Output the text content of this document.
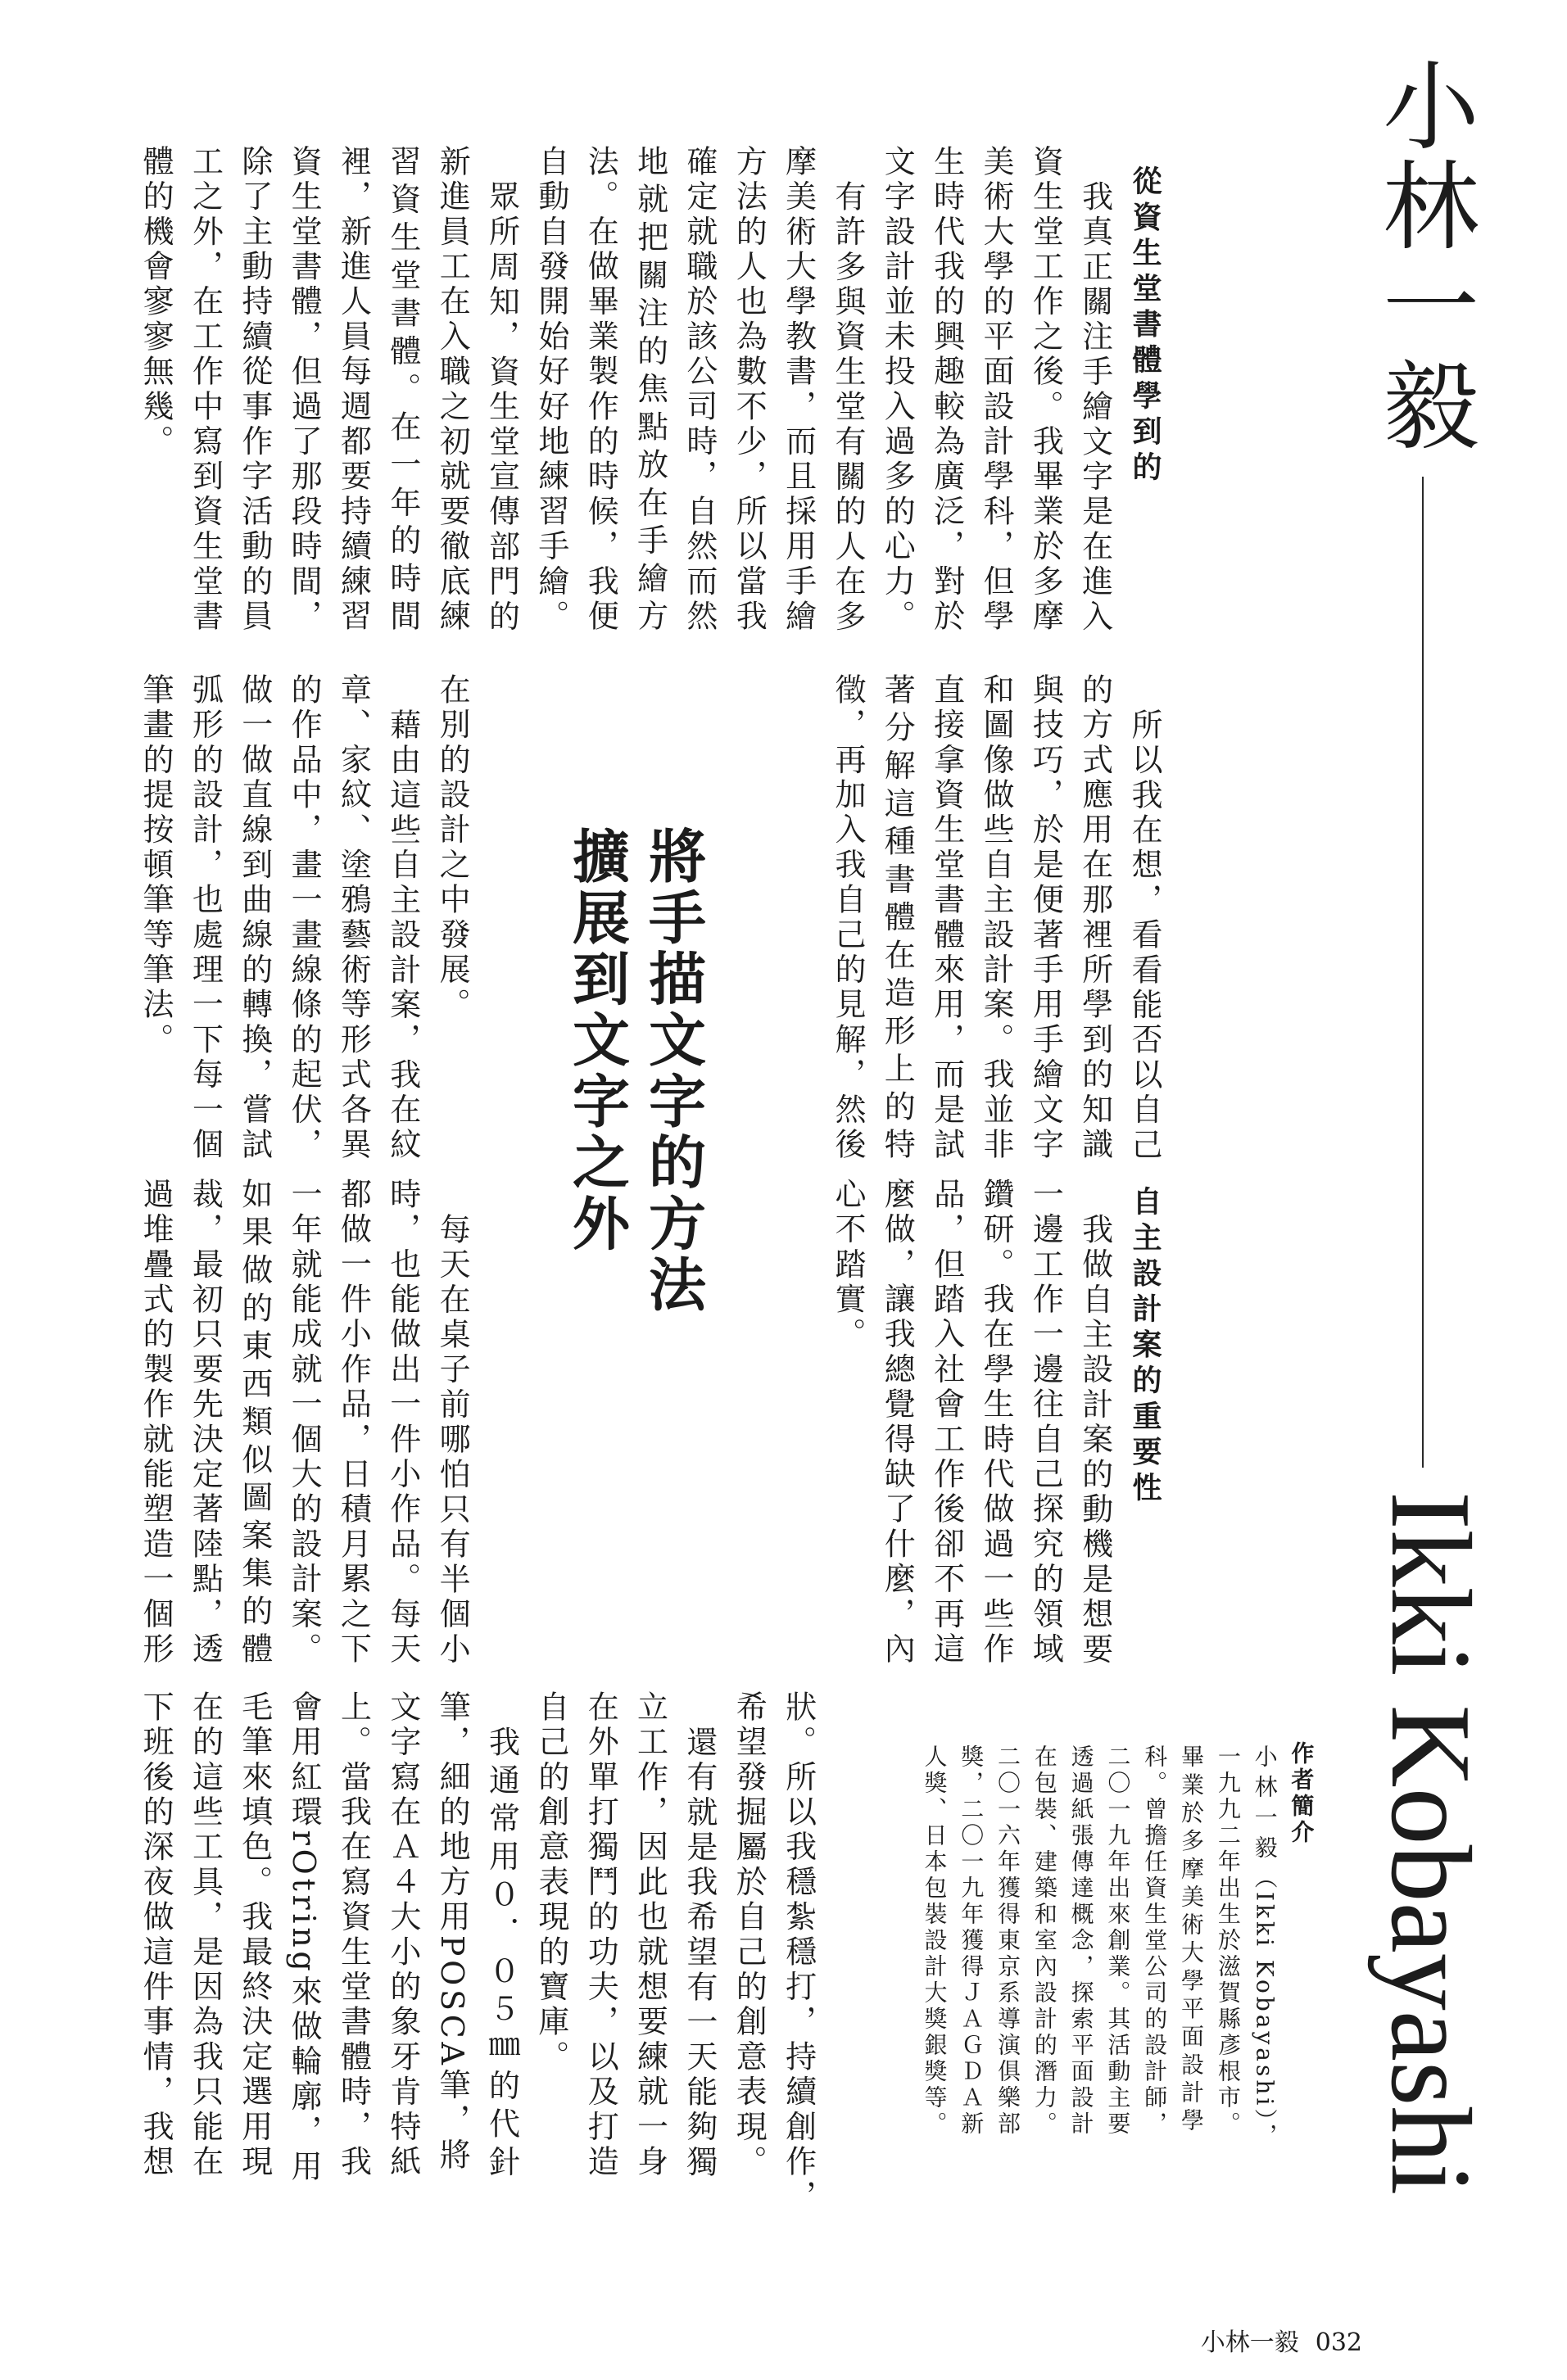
小林一毅
Ikki Kobayashi
從資生堂書體學到的
我真正關注手繪文字是在進入
資生堂工作之後。我畢業於多摩
美術大學的平面設計學科，但學
生時代我的興趣較為廣泛，對於
文字設計並未投入過多的心力。
有許多與資生堂有關的人在多
摩美術大學教書，而且採用手繪
方法的人也為數不少，所以當我
確定就職於該公司時，自然而然
地就把關注的焦點放在手繪方
法。在做畢業製作的時候，我便
自動自發開始好好地練習手繪。
眾所周知，資生堂宣傳部門的
新進員工在入職之初就要徹底練
習資生堂書體。在一年的時間
裡，新進人員每週都要持續練習
資生堂書體，但過了那段時間，
除了主動持續從事作字活動的員
工之外，在工作中寫到資生堂書
體的機會寥寥無幾。
所以我在想，看看能否以自己
的方式應用在那裡所學到的知識
與技巧，於是便著手用手繪文字
和圖像做些自主設計案。我並非
直接拿資生堂書體來用，而是試
著分解這種書體在造形上的特
徵，再加入我自己的見解，然後
將手描文字的方法
擴展到文字之外
在別的設計之中發展。
藉由這些自主設計案，我在紋
章、家紋、塗鴉藝術等形式各異
的作品中，畫一畫線條的起伏，
做一做直線到曲線的轉換，嘗試
弧形的設計，也處理一下每一個
筆畫的提按頓筆等筆法。
自主設計案的重要性
我做自主設計案的動機是想要
一邊工作一邊往自己探究的領域
鑽研。我在學生時代做過一些作
品，但踏入社會工作後卻不再這
麼做，讓我總覺得缺了什麼，內
心不踏實。
每天在桌子前哪怕只有半個小
時，也能做出一件小作品。每天
都做一件小作品，日積月累之下
一年就能成就一個大的設計案。
如果做的東西類似圖案集的體
裁，最初只要先決定著陸點，透
過堆疊式的製作就能塑造一個形
作者簡介
小林一毅（Ikki Kobayashi），
一九九二年出生於滋賀縣彥根市。
畢業於多摩美術大學平面設計學
科。曾擔任資生堂公司的設計師，
二〇一九年出來創業。其活動主要
透過紙張傳達概念，探索平面設計
在包裝、建築和室內設計的潛力。
二〇一六年獲得東京系導演俱樂部
獎，二〇一九年獲得ＪＡＧＤＡ新
人獎、日本包裝設計大獎銀獎等。
狀。所以我穩紮穩打，持續創作，
希望發掘屬於自己的創意表現。
還有就是我希望有一天能夠獨
立工作，因此也就想要練就一身
在外單打獨鬥的功夫，以及打造
自己的創意表現的寶庫。
我通常用０．０５㎜的代針
筆，細的地方用POSCA筆，將
文字寫在Ａ４大小的象牙肯特紙
上。當我在寫資生堂書體時，我
會用紅環rOtring來做輪廓，用
毛筆來填色。我最終決定選用現
在的這些工具，是因為我只能在
下班後的深夜做這件事情，我想
小林一毅 032
